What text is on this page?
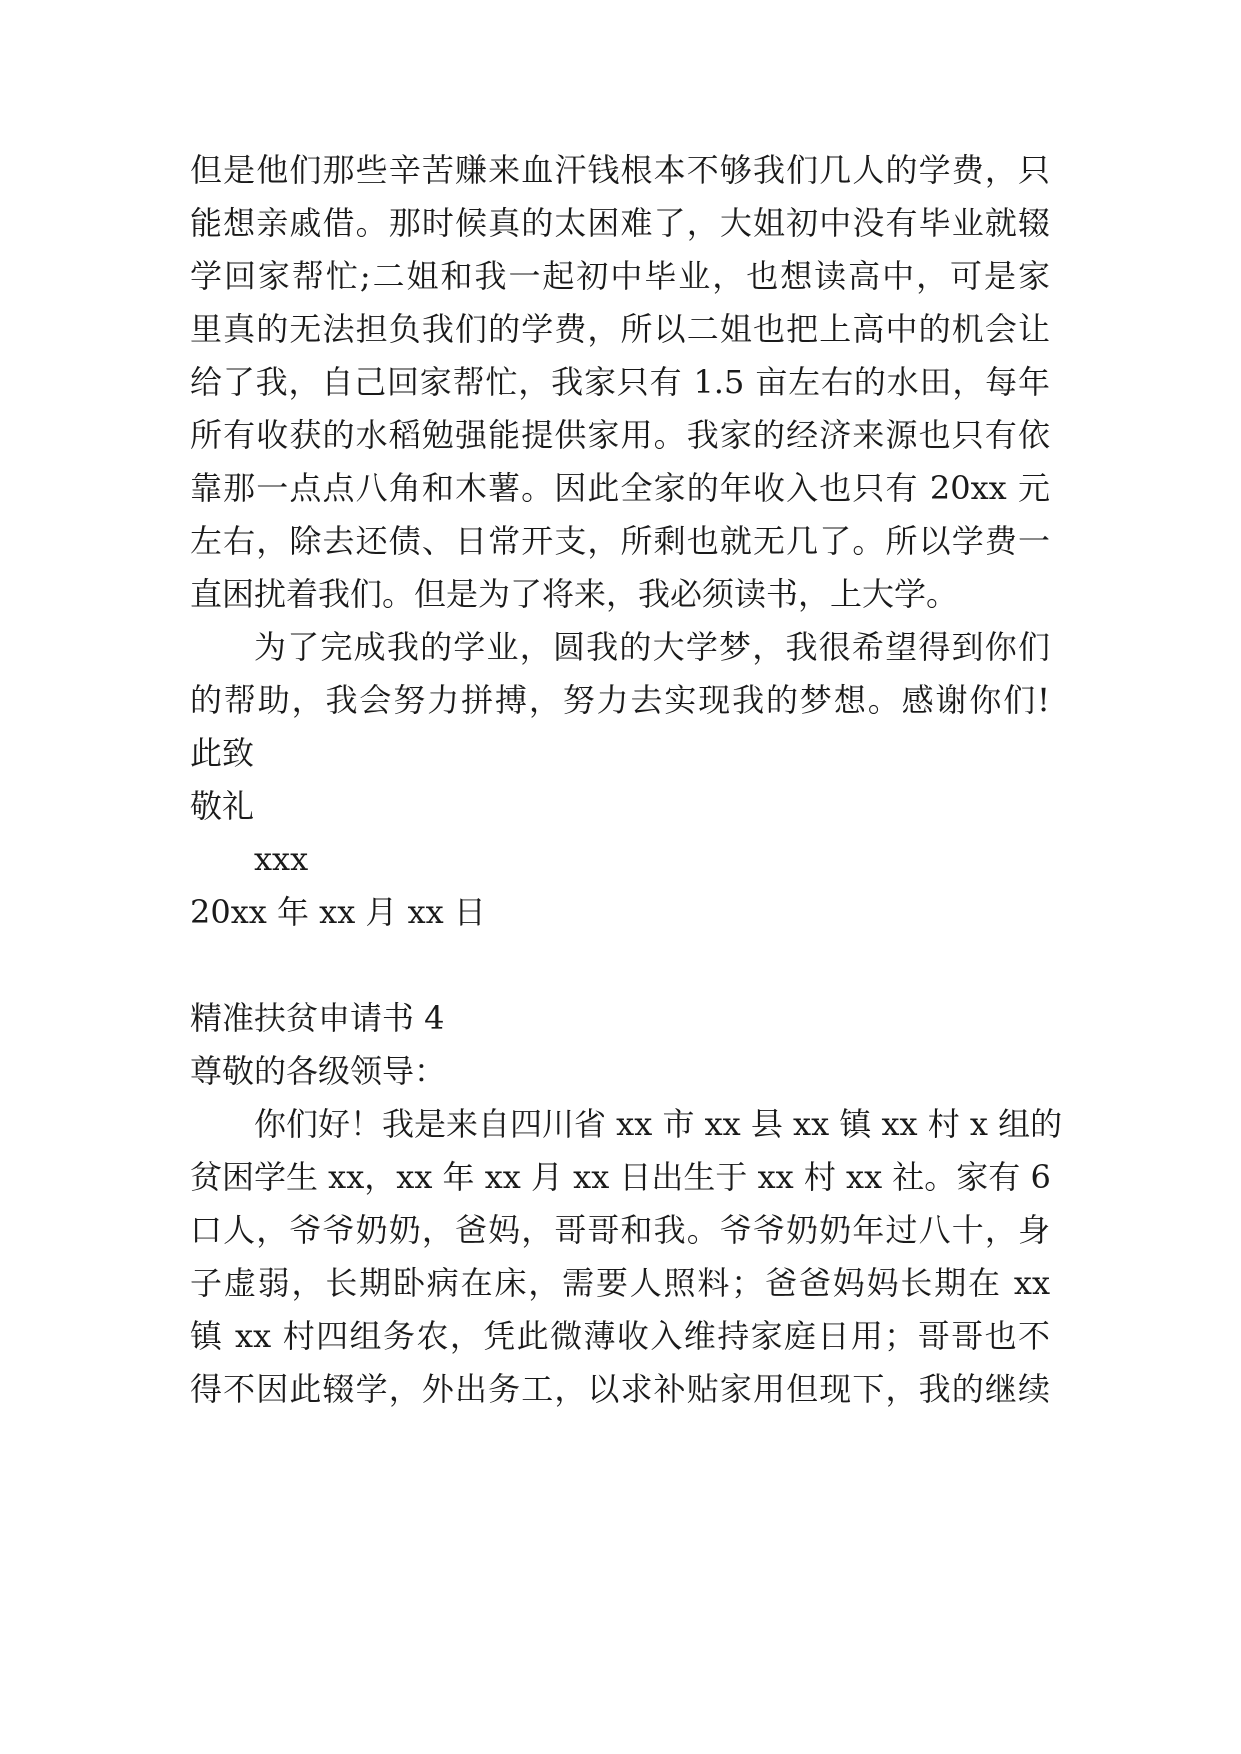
但是他们那些辛苦赚来血汗钱根本不够我们几人的学费，只
能想亲戚借。那时候真的太困难了，大姐初中没有毕业就辍
学回家帮忙;二姐和我一起初中毕业，也想读高中，可是家
里真的无法担负我们的学费，所以二姐也把上高中的机会让
给了我，自己回家帮忙，我家只有 1.5 亩左右的水田，每年
所有收获的水稻勉强能提供家用。我家的经济来源也只有依
靠那一点点八角和木薯。因此全家的年收入也只有 20xx 元
左右，除去还债、日常开支，所剩也就无几了。所以学费一
直困扰着我们。但是为了将来，我必须读书，上大学。
为了完成我的学业，圆我的大学梦，我很希望得到你们
的帮助，我会努力拼搏，努力去实现我的梦想。感谢你们!
此致
敬礼
xxx
20xx 年 xx 月 xx 日
精准扶贫申请书 4
尊敬的各级领导：
你们好！我是来自四川省 xx 市 xx 县 xx 镇 xx 村 x 组的
贫困学生 xx，xx 年 xx 月 xx 日出生于 xx 村 xx 社。家有 6
口人，爷爷奶奶，爸妈，哥哥和我。爷爷奶奶年过八十，身
子虚弱，长期卧病在床，需要人照料；爸爸妈妈长期在 xx
镇 xx 村四组务农，凭此微薄收入维持家庭日用；哥哥也不
得不因此辍学，外出务工，以求补贴家用但现下，我的继续
